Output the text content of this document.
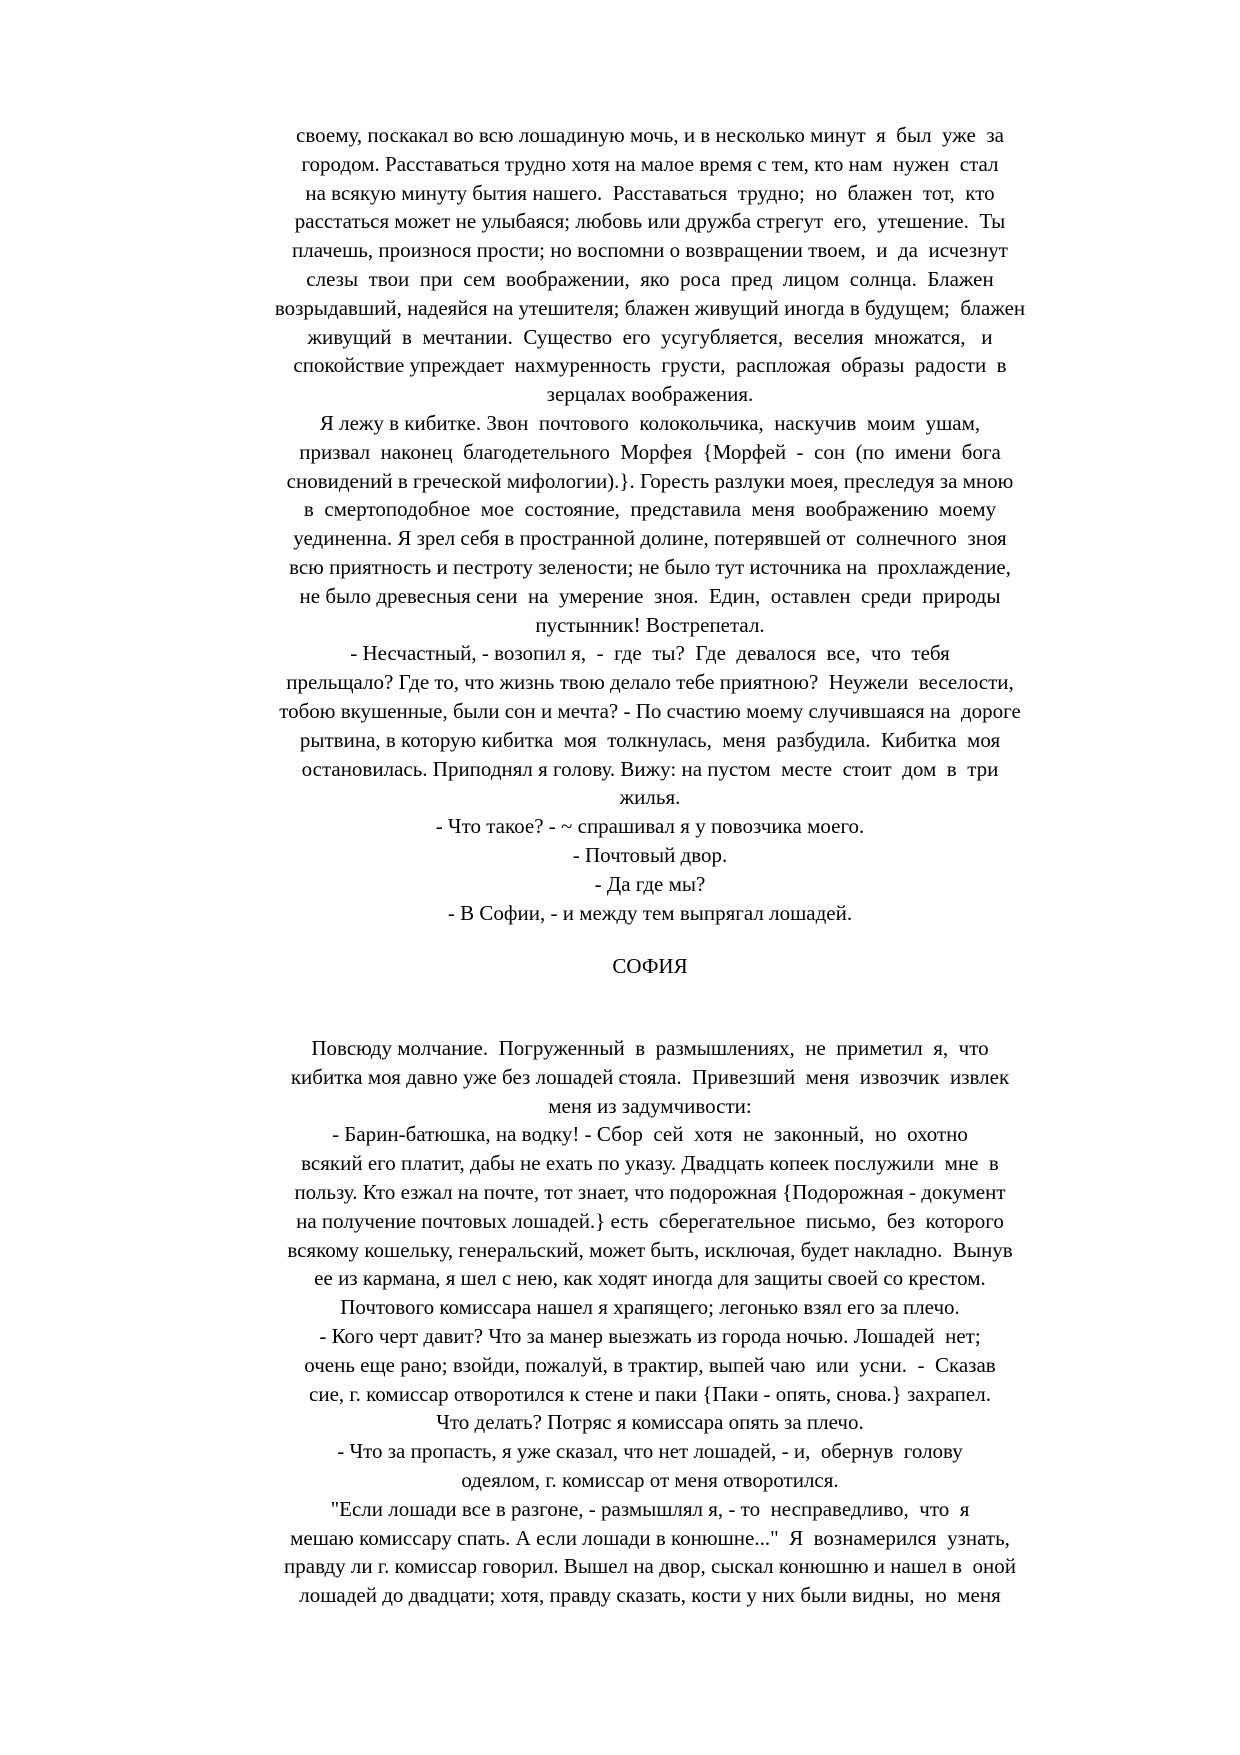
своему, поскакал во всю лошадиную мочь, и в несколько минут  я  был  уже  за
городом. Расставаться трудно хотя на малое время с тем, кто нам  нужен  стал
на всякую минуту бытия нашего.  Расставаться  трудно;  но  блажен  тот,  кто
расстаться может не улыбаяся; любовь или дружба стрегут  его,  утешение.  Ты
плачешь, произнося прости; но воспомни о возвращении твоем,  и  да  исчезнут
слезы  твои  при  сем  воображении,  яко  роса  пред  лицом  солнца.  Блажен
возрыдавший, надеяйся на утешителя; блажен живущий иногда в будущем;  блажен
живущий  в  мечтании.  Существо  его  усугубляется,  веселия  множатся,   и
спокойствие упреждает  нахмуренность  грусти,  распложая  образы  радости  в
зерцалах воображения.
Я лежу в кибитке. Звон  почтового  колокольчика,  наскучив  моим  ушам,
призвал  наконец  благодетельного  Морфея  {Морфей  -  сон  (по  имени  бога
сновидений в греческой мифологии).}. Горесть разлуки моея, преследуя за мною
в  смертоподобное  мое  состояние,  представила  меня  воображению  моему
уединенна. Я зрел себя в пространной долине, потерявшей от  солнечного  зноя
всю приятность и пестроту зелености; не было тут источника на  прохлаждение,
не было древесныя сени  на  умерение  зноя.  Един,  оставлен  среди  природы
пустынник! Вострепетал.
- Несчастный, - возопил я,  -  где  ты?  Где  девалося  все,  что  тебя
прельщало? Где то, что жизнь твою делало тебе приятною?  Неужели  веселости,
тобою вкушенные, были сон и мечта? - По счастию моему случившаяся на  дороге
рытвина, в которую кибитка  моя  толкнулась,  меня  разбудила.  Кибитка  моя
остановилась. Приподнял я голову. Вижу: на пустом  месте  стоит  дом  в  три
жилья.
- Что такое? - ~ спрашивал я у повозчика моего.
- Почтовый двор.
- Да где мы?
- В Софии, - и между тем выпрягал лошадей.
СОФИЯ
Повсюду молчание.  Погруженный  в  размышлениях,  не  приметил  я,  что
кибитка моя давно уже без лошадей стояла.  Привезший  меня  извозчик  извлек
меня из задумчивости:
- Барин-батюшка, на водку! - Сбор  сей  хотя  не  законный,  но  охотно
всякий его платит, дабы не ехать по указу. Двадцать копеек послужили  мне  в
пользу. Кто езжал на почте, тот знает, что подорожная {Подорожная - документ
на получение почтовых лошадей.} есть  сберегательное  письмо,  без  которого
всякому кошельку, генеральский, может быть, исключая, будет накладно.  Вынув
ее из кармана, я шел с нею, как ходят иногда для защиты своей со крестом.
Почтового комиссара нашел я храпящего; легонько взял его за плечо.
- Кого черт давит? Что за манер выезжать из города ночью. Лошадей  нет;
очень еще рано; взойди, пожалуй, в трактир, выпей чаю  или  усни.  -  Сказав
сие, г. комиссар отворотился к стене и паки {Паки - опять, снова.} захрапел.
Что делать? Потряс я комиссара опять за плечо.
- Что за пропасть, я уже сказал, что нет лошадей, - и,  обернув  голову
одеялом, г. комиссар от меня отворотился.
"Если лошади все в разгоне, - размышлял я, - то  несправедливо,  что  я
мешаю комиссару спать. А если лошади в конюшне..."  Я  вознамерился  узнать,
правду ли г. комиссар говорил. Вышел на двор, сыскал конюшню и нашел в  оной
лошадей до двадцати; хотя, правду сказать, кости у них были видны,  но  меня
